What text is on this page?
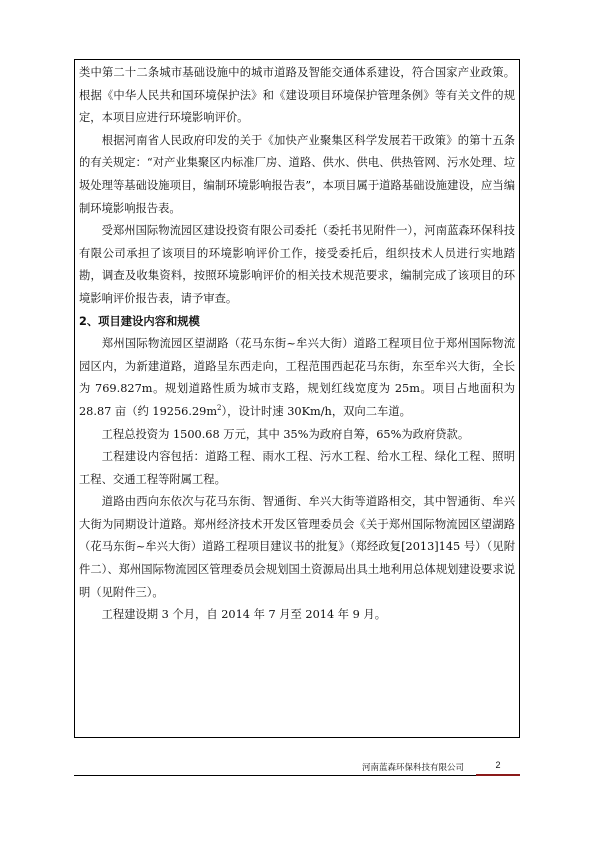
类中第二十二条城市基础设施中的城市道路及智能交通体系建设，符合国家产业政策。根据《中华人民共和国环境保护法》和《建设项目环境保护管理条例》等有关文件的规定，本项目应进行环境影响评价。

根据河南省人民政府印发的关于《加快产业聚集区科学发展若干政策》的第十五条的有关规定：“对产业集聚区内标准厂房、道路、供水、供电、供热管网、污水处理、垃圾处理等基础设施项目，编制环境影响报告表”，本项目属于道路基础设施建设，应当编制环境影响报告表。

受郑州国际物流园区建设投资有限公司委托（委托书见附件一），河南蓝森环保科技有限公司承担了该项目的环境影响评价工作，接受委托后，组织技术人员进行实地踏勘，调查及收集资料，按照环境影响评价的相关技术规范要求，编制完成了该项目的环境影响评价报告表，请予审查。

2、项目建设内容和规模

郑州国际物流园区望湖路（花马东街~牟兴大街）道路工程项目位于郑州国际物流园区内，为新建道路，道路呈东西走向，工程范围西起花马东街，东至牟兴大街，全长为 769.827m。规划道路性质为城市支路，规划红线宽度为 25m。项目占地面积为 28.87 亩（约 $19256.29m^2$），设计时速 30Km/h，双向二车道。

工程总投资为 1500.68 万元，其中 35%为政府自筹，65%为政府贷款。

工程建设内容包括：道路工程、雨水工程、污水工程、给水工程、绿化工程、照明工程、交通工程等附属工程。

道路由西向东依次与花马东街、智通街、牟兴大街等道路相交，其中智通街、牟兴大街为同期设计道路。郑州经济技术开发区管理委员会《关于郑州国际物流园区望湖路（花马东街~牟兴大街）道路工程项目建议书的批复》（郑经政复[2013]145 号）（见附件二）、郑州国际物流园区管理委员会规划国土资源局出具土地利用总体规划建设要求说明（见附件三）。

工程建设期 3 个月，自 2014 年 7 月至 2014 年 9 月。

河南蓝森环保科技有限公司	2
